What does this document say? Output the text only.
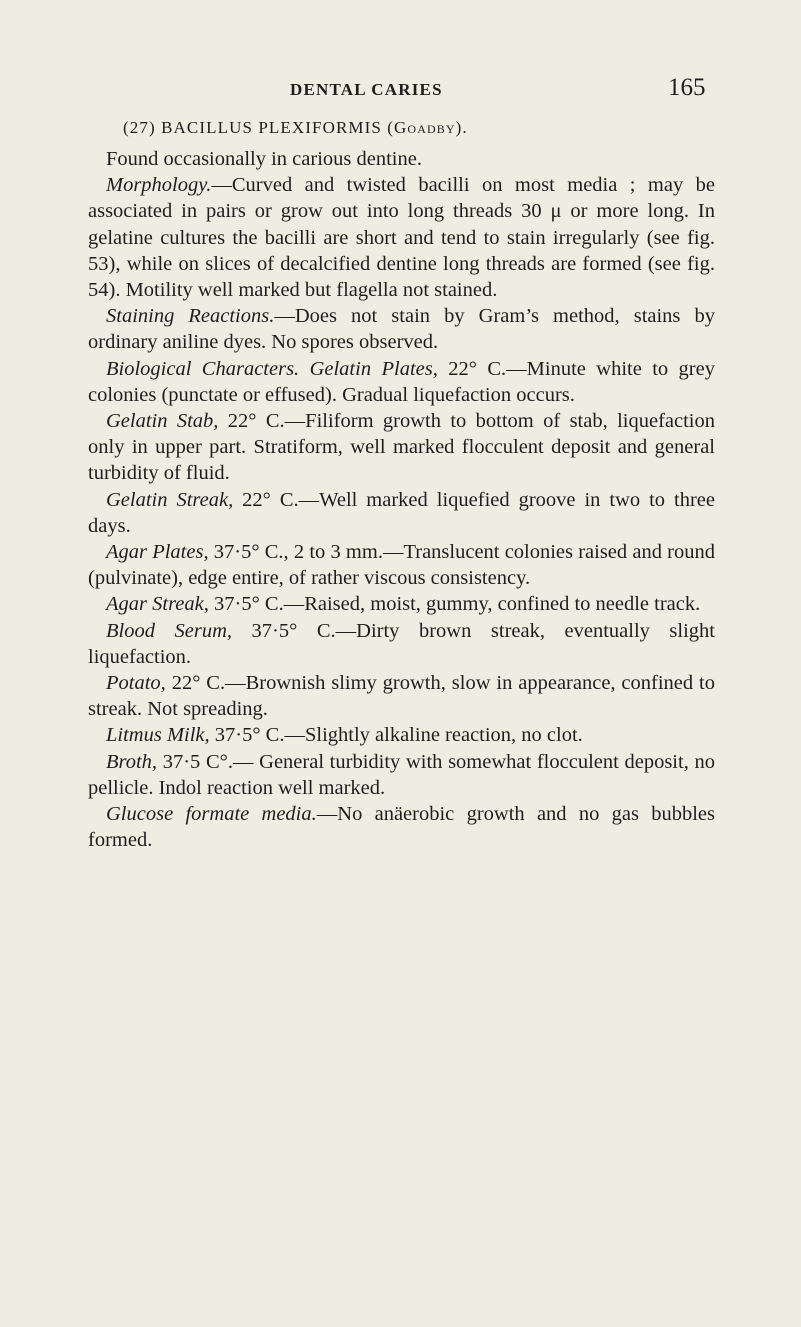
DENTAL CARIES	165
(27) BACILLUS PLEXIFORMIS (Goadby).

Found occasionally in carious dentine.

Morphology.—Curved and twisted bacilli on most media ; may be associated in pairs or grow out into long threads 30 μ or more long. In gelatine cultures the bacilli are short and tend to stain irregularly (see fig. 53), while on slices of decalcified dentine long threads are formed (see fig. 54). Motility well marked but flagella not stained.

Staining Reactions.—Does not stain by Gram’s method, stains by ordinary aniline dyes. No spores observed.

Biological Characters. Gelatin Plates, 22° C.—Minute white to grey colonies (punctate or effused). Gradual liquefaction occurs.

Gelatin Stab, 22° C.—Filiform growth to bottom of stab, liquefaction only in upper part. Stratiform, well marked flocculent deposit and general turbidity of fluid.

Gelatin Streak, 22° C.—Well marked liquefied groove in two to three days.

Agar Plates, 37·5° C., 2 to 3 mm.—Translucent colonies raised and round (pulvinate), edge entire, of rather viscous consistency.

Agar Streak, 37·5° C.—Raised, moist, gummy, confined to needle track.

Blood Serum, 37·5° C.—Dirty brown streak, eventually slight liquefaction.

Potato, 22° C.—Brownish slimy growth, slow in appearance, confined to streak. Not spreading.

Litmus Milk, 37·5° C.—Slightly alkaline reaction, no clot.

Broth, 37·5 C°.— General turbidity with somewhat flocculent deposit, no pellicle. Indol reaction well marked.

Glucose formate media.—No anäerobic growth and no gas bubbles formed.
